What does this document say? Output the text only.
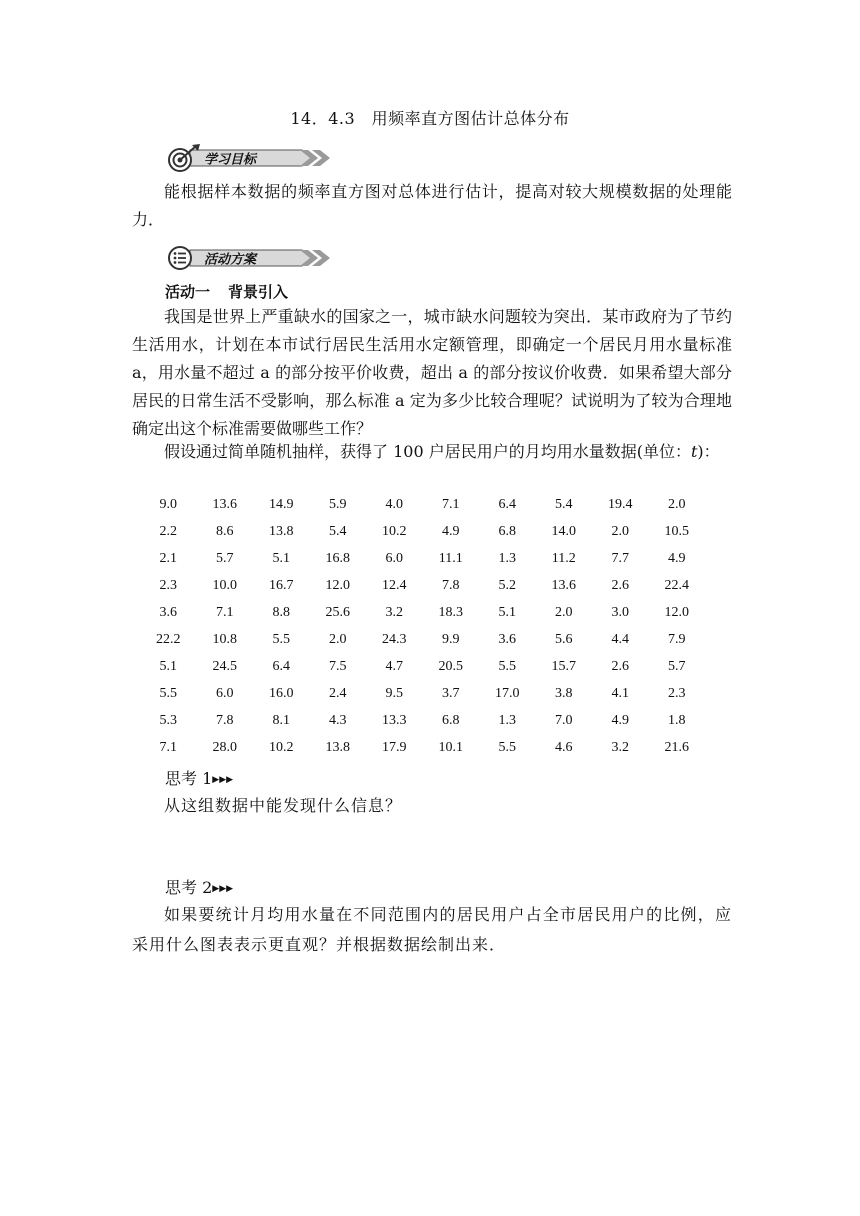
14．4.3　用频率直方图估计总体分布
学习目标
能根据样本数据的频率直方图对总体进行估计，提高对较大规模数据的处理能力．
活动方案
活动一 背景引入
我国是世界上严重缺水的国家之一，城市缺水问题较为突出．某市政府为了节约生活用水，计划在本市试行居民生活用水定额管理，即确定一个居民月用水量标准 a，用水量不超过 a 的部分按平价收费，超出 a 的部分按议价收费．如果希望大部分居民的日常生活不受影响，那么标准 a 定为多少比较合理呢？试说明为了较为合理地确定出这个标准需要做哪些工作？
假设通过简单随机抽样，获得了 100 户居民用户的月均用水量数据(单位：t)：
9.0	13.6	14.9	5.9	4.0	7.1	6.4	5.4	19.4	2.0
2.2	8.6	13.8	5.4	10.2	4.9	6.8	14.0	2.0	10.5
2.1	5.7	5.1	16.8	6.0	11.1	1.3	11.2	7.7	4.9
2.3	10.0	16.7	12.0	12.4	7.8	5.2	13.6	2.6	22.4
3.6	7.1	8.8	25.6	3.2	18.3	5.1	2.0	3.0	12.0
22.2	10.8	5.5	2.0	24.3	9.9	3.6	5.6	4.4	7.9
5.1	24.5	6.4	7.5	4.7	20.5	5.5	15.7	2.6	5.7
5.5	6.0	16.0	2.4	9.5	3.7	17.0	3.8	4.1	2.3
5.3	7.8	8.1	4.3	13.3	6.8	1.3	7.0	4.9	1.8
7.1	28.0	10.2	13.8	17.9	10.1	5.5	4.6	3.2	21.6
思考 1▶▶▶
从这组数据中能发现什么信息？
思考 2▶▶▶
如果要统计月均用水量在不同范围内的居民用户占全市居民用户的比例，应采用什么图表表示更直观？并根据数据绘制出来．
